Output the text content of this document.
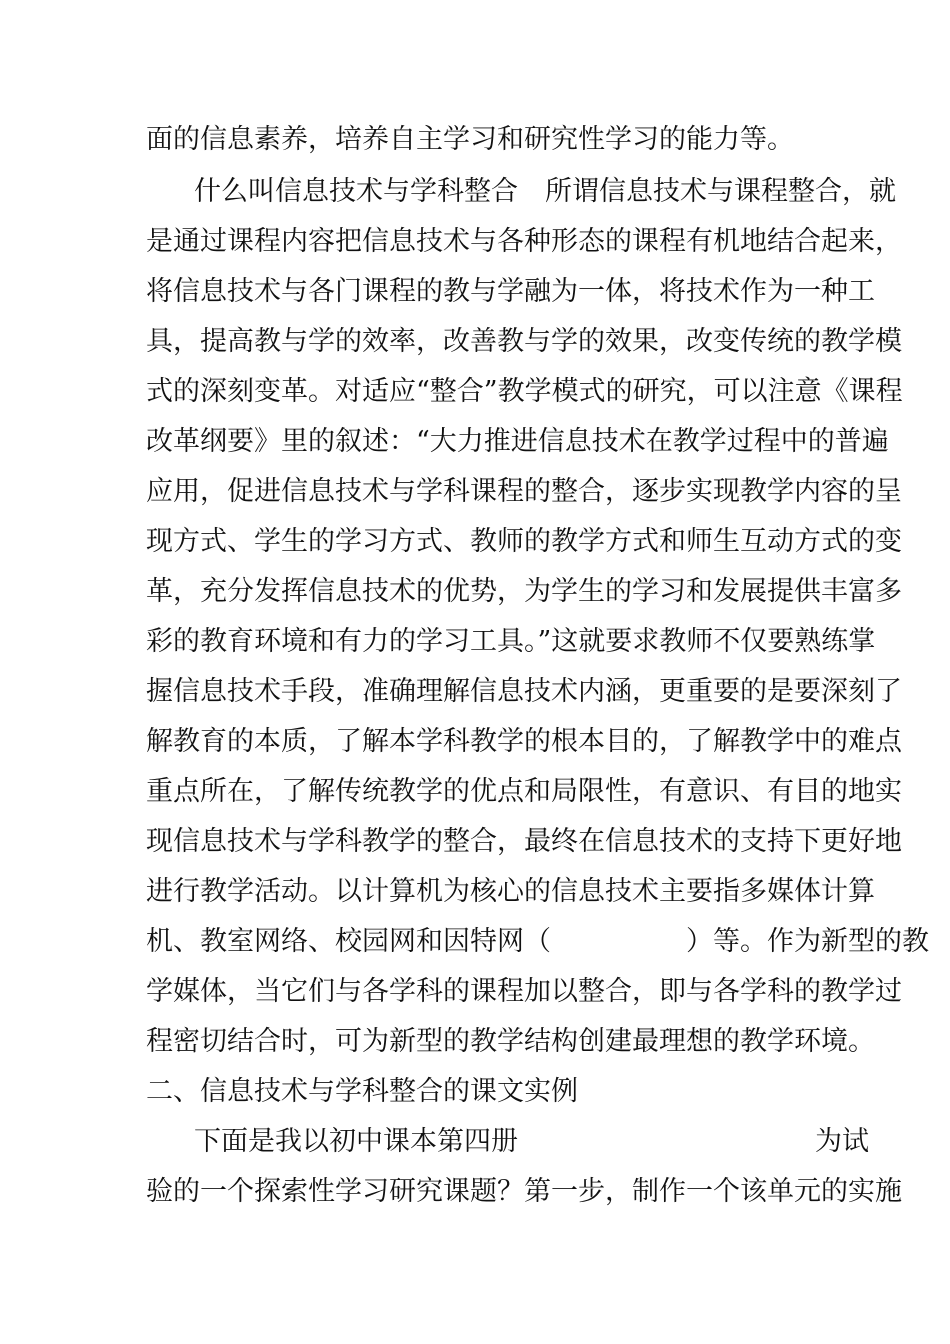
面的信息素养，培养自主学习和研究性学习的能力等。
什么叫信息技术与学科整合　所谓信息技术与课程整合，就
是通过课程内容把信息技术与各种形态的课程有机地结合起来，
将信息技术与各门课程的教与学融为一体，将技术作为一种工
具，提高教与学的效率，改善教与学的效果，改变传统的教学模
式的深刻变革。对适应“整合”教学模式的研究，可以注意《课程
改革纲要》里的叙述：“大力推进信息技术在教学过程中的普遍
应用，促进信息技术与学科课程的整合，逐步实现教学内容的呈
现方式、学生的学习方式、教师的教学方式和师生互动方式的变
革，充分发挥信息技术的优势，为学生的学习和发展提供丰富多
彩的教育环境和有力的学习工具。”这就要求教师不仅要熟练掌
握信息技术手段，准确理解信息技术内涵，更重要的是要深刻了
解教育的本质，了解本学科教学的根本目的，了解教学中的难点
重点所在，了解传统教学的优点和局限性，有意识、有目的地实
现信息技术与学科教学的整合，最终在信息技术的支持下更好地
进行教学活动。以计算机为核心的信息技术主要指多媒体计算
机、教室网络、校园网和因特网（　　　　　）等。作为新型的教
学媒体，当它们与各学科的课程加以整合，即与各学科的教学过
程密切结合时，可为新型的教学结构创建最理想的教学环境。
二、信息技术与学科整合的课文实例
下面是我以初中课本第四册　　　　　　　　　　　为试
验的一个探索性学习研究课题？第一步，制作一个该单元的实施
